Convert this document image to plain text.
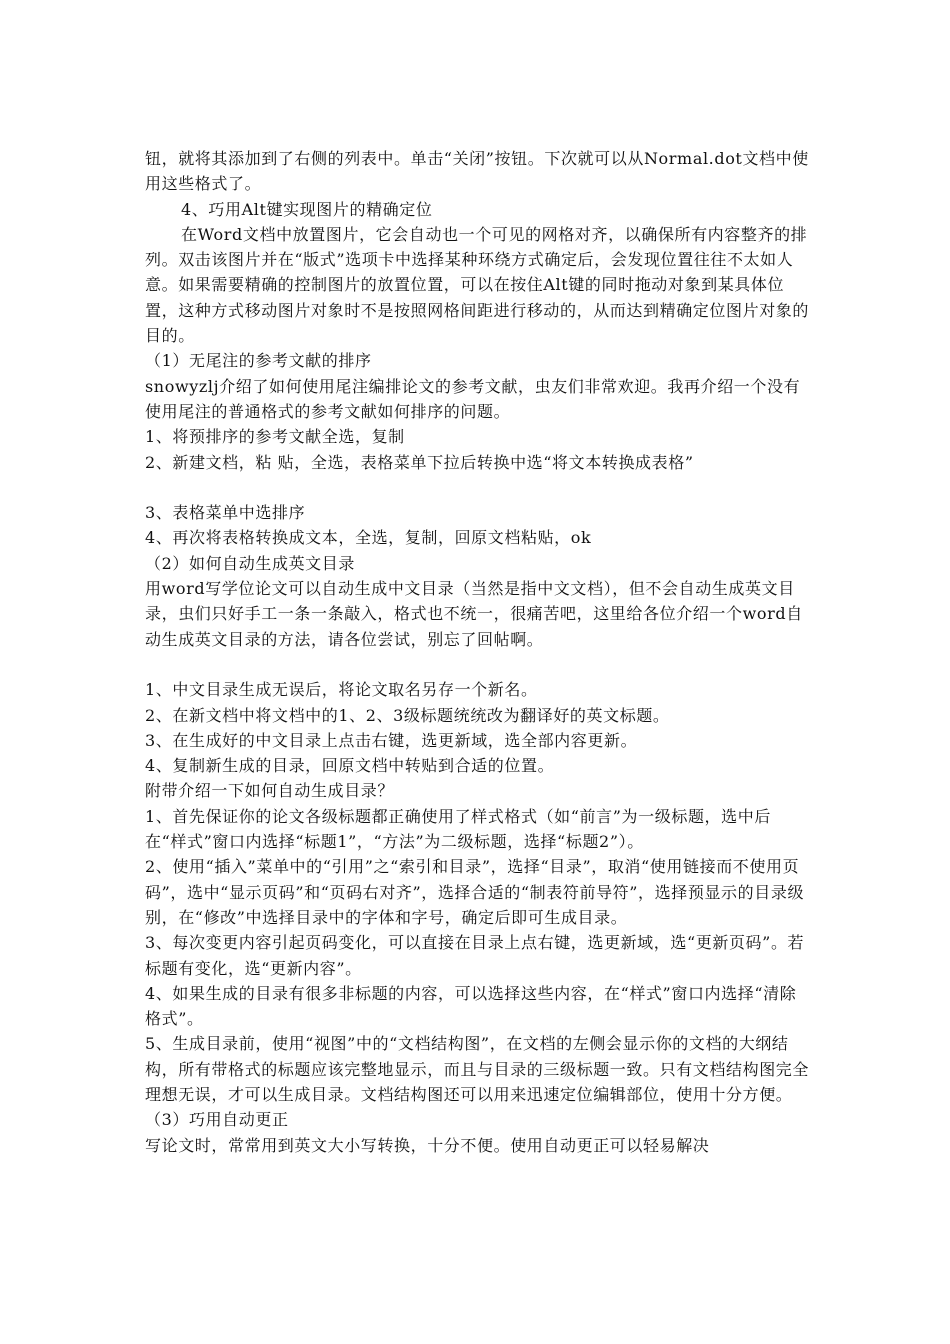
钮，就将其添加到了右侧的列表中。单击“关闭”按钮。下次就可以从Normal.dot文档中使用这些格式了。

4、巧用Alt键实现图片的精确定位

在Word文档中放置图片，它会自动也一个可见的网格对齐，以确保所有内容整齐的排列。双击该图片并在“版式”选项卡中选择某种环绕方式确定后，会发现位置往往不太如人意。如果需要精确的控制图片的放置位置，可以在按住Alt键的同时拖动对象到某具体位置，这种方式移动图片对象时不是按照网格间距进行移动的，从而达到精确定位图片对象的目的。

（1）无尾注的参考文献的排序

snowyzlj介绍了如何使用尾注编排论文的参考文献，虫友们非常欢迎。我再介绍一个没有使用尾注的普通格式的参考文献如何排序的问题。

1、将预排序的参考文献全选，复制

2、新建文档，粘 贴，全选，表格菜单下拉后转换中选“将文本转换成表格”

3、表格菜单中选排序

4、再次将表格转换成文本，全选，复制，回原文档粘贴，ok

（2）如何自动生成英文目录

用word写学位论文可以自动生成中文目录（当然是指中文文档），但不会自动生成英文目录，虫们只好手工一条一条敲入，格式也不统一，很痛苦吧，这里给各位介绍一个word自动生成英文目录的方法，请各位尝试，别忘了回帖啊。

1、中文目录生成无误后，将论文取名另存一个新名。

2、在新文档中将文档中的1、2、3级标题统统改为翻译好的英文标题。

3、在生成好的中文目录上点击右键，选更新域，选全部内容更新。

4、复制新生成的目录，回原文档中转贴到合适的位置。

附带介绍一下如何自动生成目录？

1、首先保证你的论文各级标题都正确使用了样式格式（如“前言”为一级标题，选中后在“样式”窗口内选择“标题1”，“方法”为二级标题，选择“标题2”）。

2、使用“插入”菜单中的“引用”之“索引和目录”，选择“目录”，取消“使用链接而不使用页码”，选中“显示页码”和“页码右对齐”，选择合适的“制表符前导符”，选择预显示的目录级别，在“修改”中选择目录中的字体和字号，确定后即可生成目录。

3、每次变更内容引起页码变化，可以直接在目录上点右键，选更新域，选“更新页码”。若标题有变化，选“更新内容”。

4、如果生成的目录有很多非标题的内容，可以选择这些内容，在“样式”窗口内选择“清除格式”。

5、生成目录前，使用“视图”中的“文档结构图”，在文档的左侧会显示你的文档的大纲结构，所有带格式的标题应该完整地显示，而且与目录的三级标题一致。只有文档结构图完全理想无误，才可以生成目录。文档结构图还可以用来迅速定位编辑部位，使用十分方便。

（3）巧用自动更正

写论文时，常常用到英文大小写转换，十分不便。使用自动更正可以轻易解决
